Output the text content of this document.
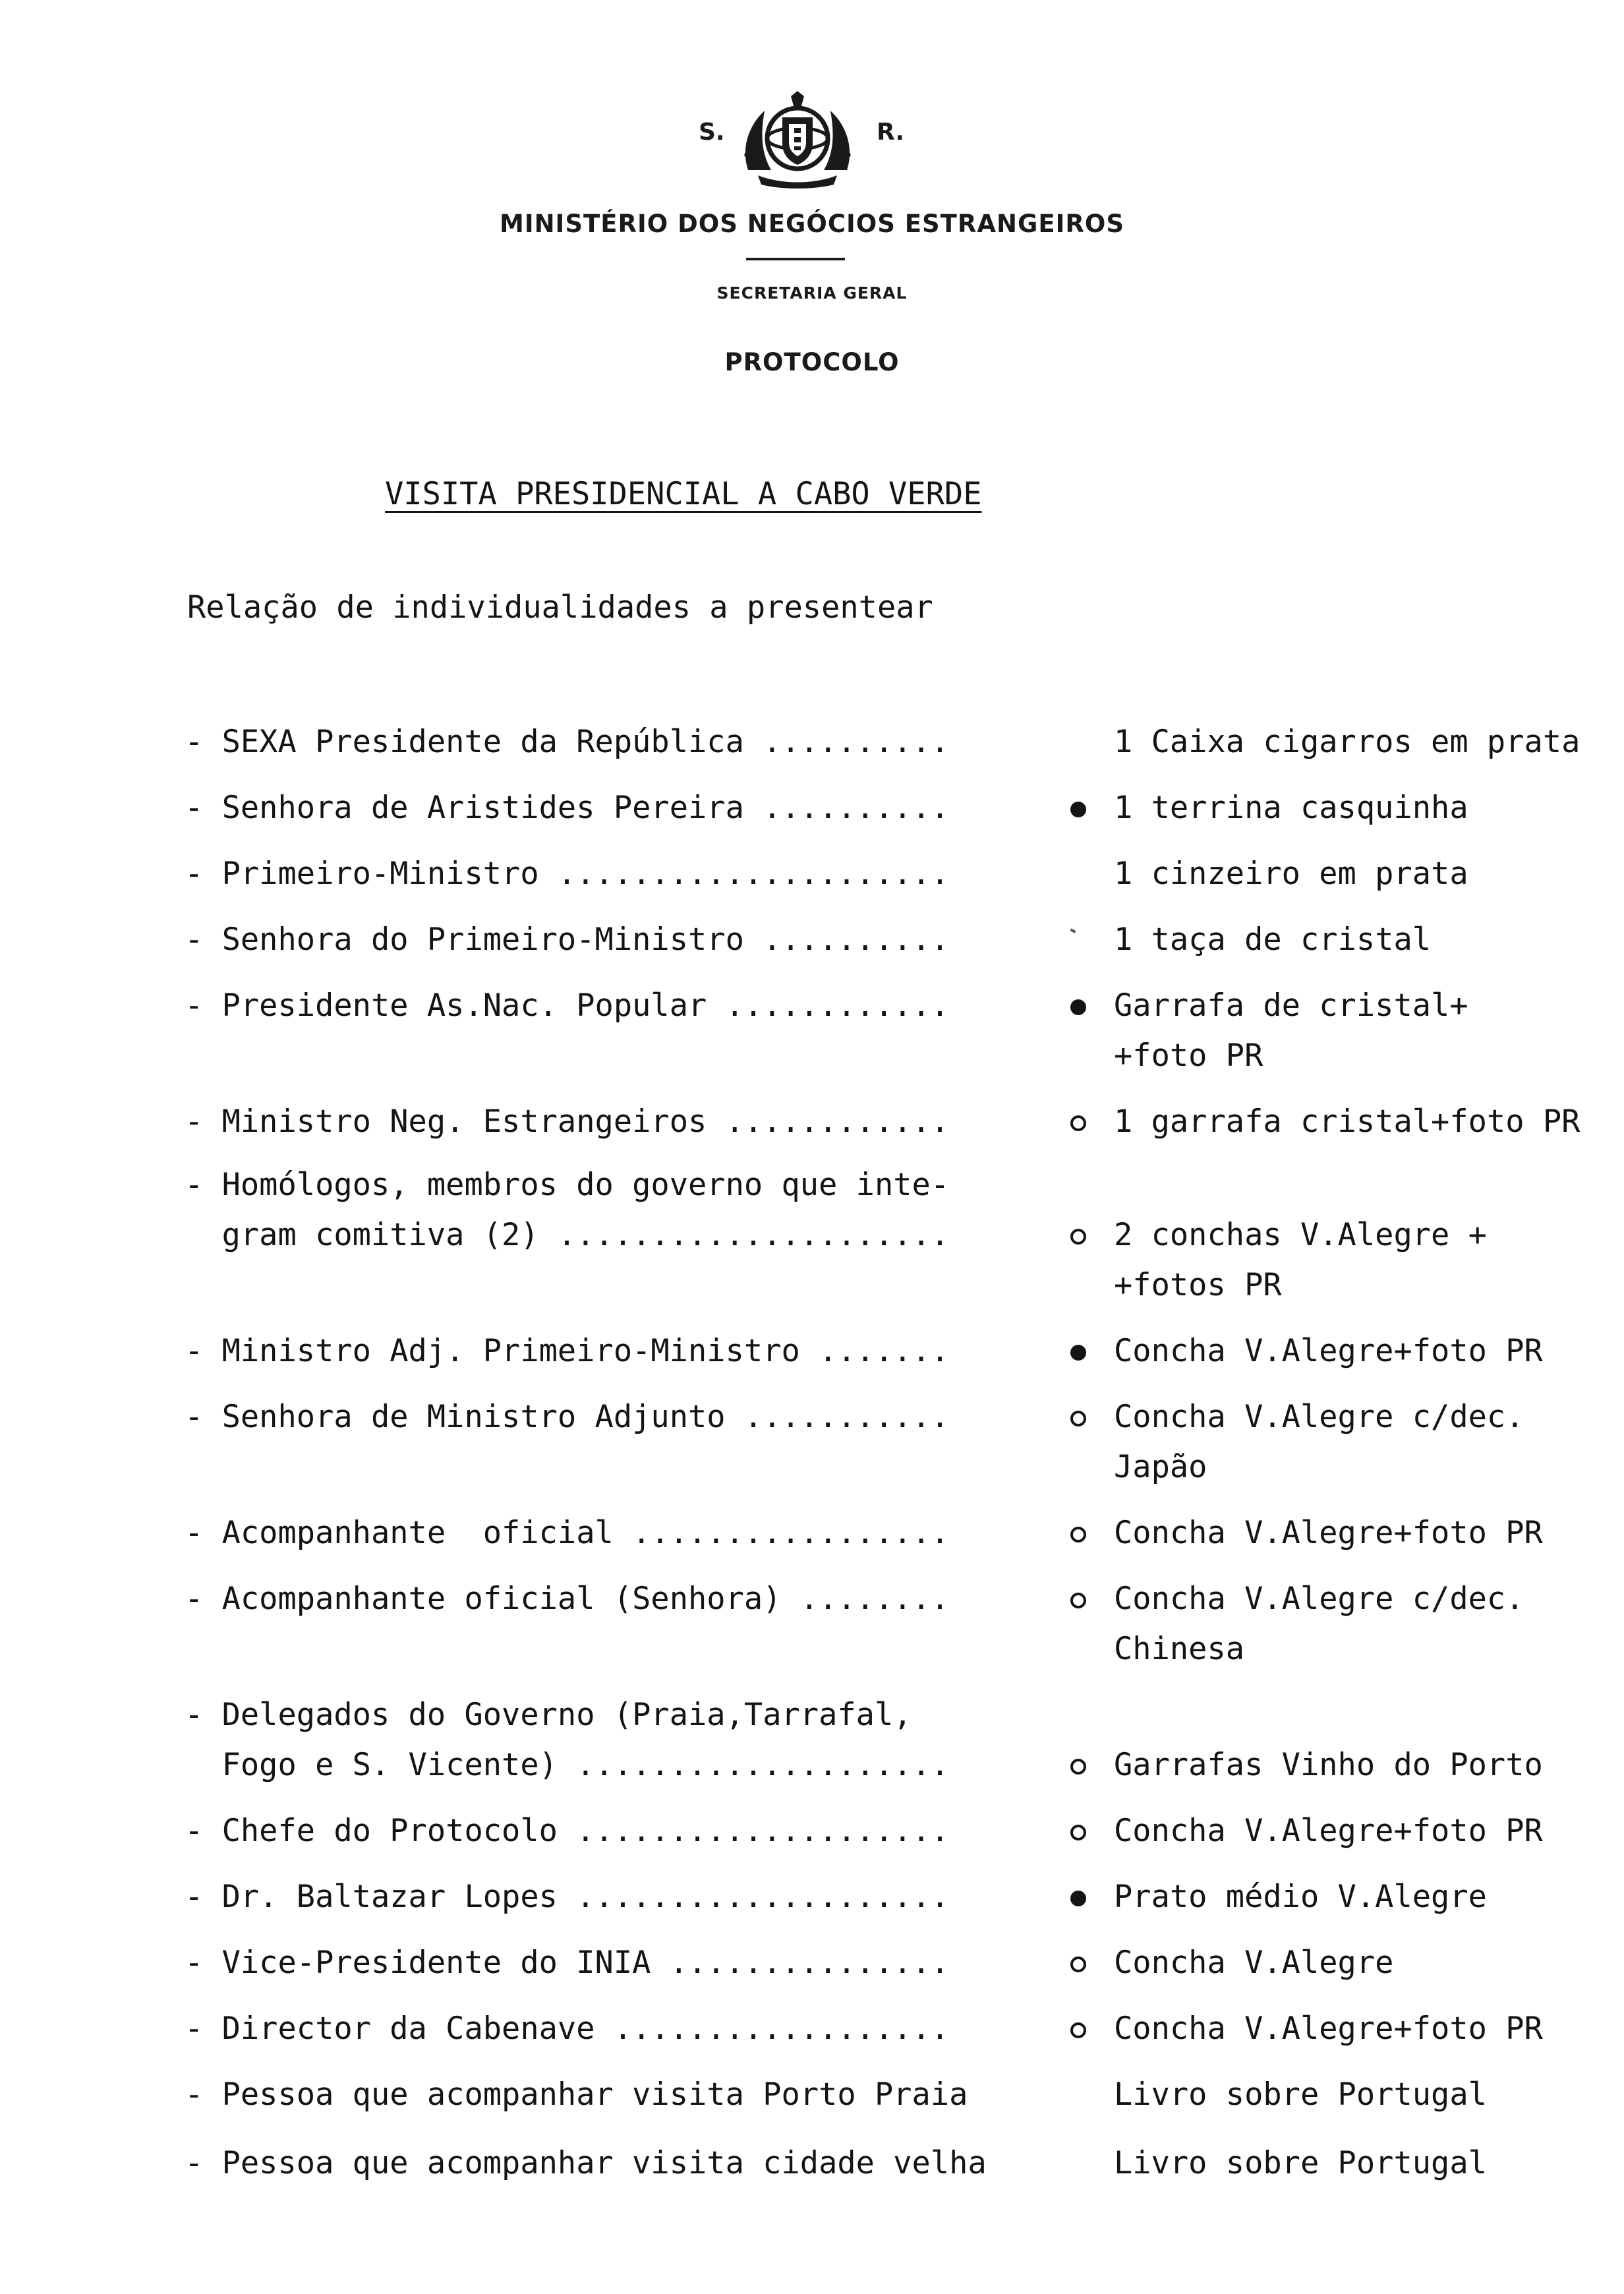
S.	R.
MINISTÉRIO DOS NEGÓCIOS ESTRANGEIROS
SECRETARIA GERAL
PROTOCOLO
VISITA PRESIDENCIAL A CABO VERDE
Relação de individualidades a presentear
- SEXA Presidente da República ..........	1 Caixa cigarros em prata
- Senhora de Aristides Pereira ..........	1 terrina casquinha
- Primeiro-Ministro .....................	1 cinzeiro em prata
- Senhora do Primeiro-Ministro ..........	1 taça de cristal
- Presidente As.Nac. Popular ............	Garrafa de cristal+
+foto PR
- Ministro Neg. Estrangeiros ............	1 garrafa cristal+foto PR
- Homólogos, membros do governo que inte-
gram comitiva (2) .....................	2 conchas V.Alegre +
+fotos PR
- Ministro Adj. Primeiro-Ministro .......	Concha V.Alegre+foto PR
- Senhora de Ministro Adjunto ...........	Concha V.Alegre c/dec.
Japão
- Acompanhante  oficial .................	Concha V.Alegre+foto PR
- Acompanhante oficial (Senhora) ........	Concha V.Alegre c/dec.
Chinesa
- Delegados do Governo (Praia,Tarrafal,
Fogo e S. Vicente) ....................	Garrafas Vinho do Porto
- Chefe do Protocolo ....................	Concha V.Alegre+foto PR
- Dr. Baltazar Lopes ....................	Prato médio V.Alegre
- Vice-Presidente do INIA ...............	Concha V.Alegre
- Director da Cabenave ..................	Concha V.Alegre+foto PR
- Pessoa que acompanhar visita Porto Praia	Livro sobre Portugal
- Pessoa que acompanhar visita cidade velha	Livro sobre Portugal
